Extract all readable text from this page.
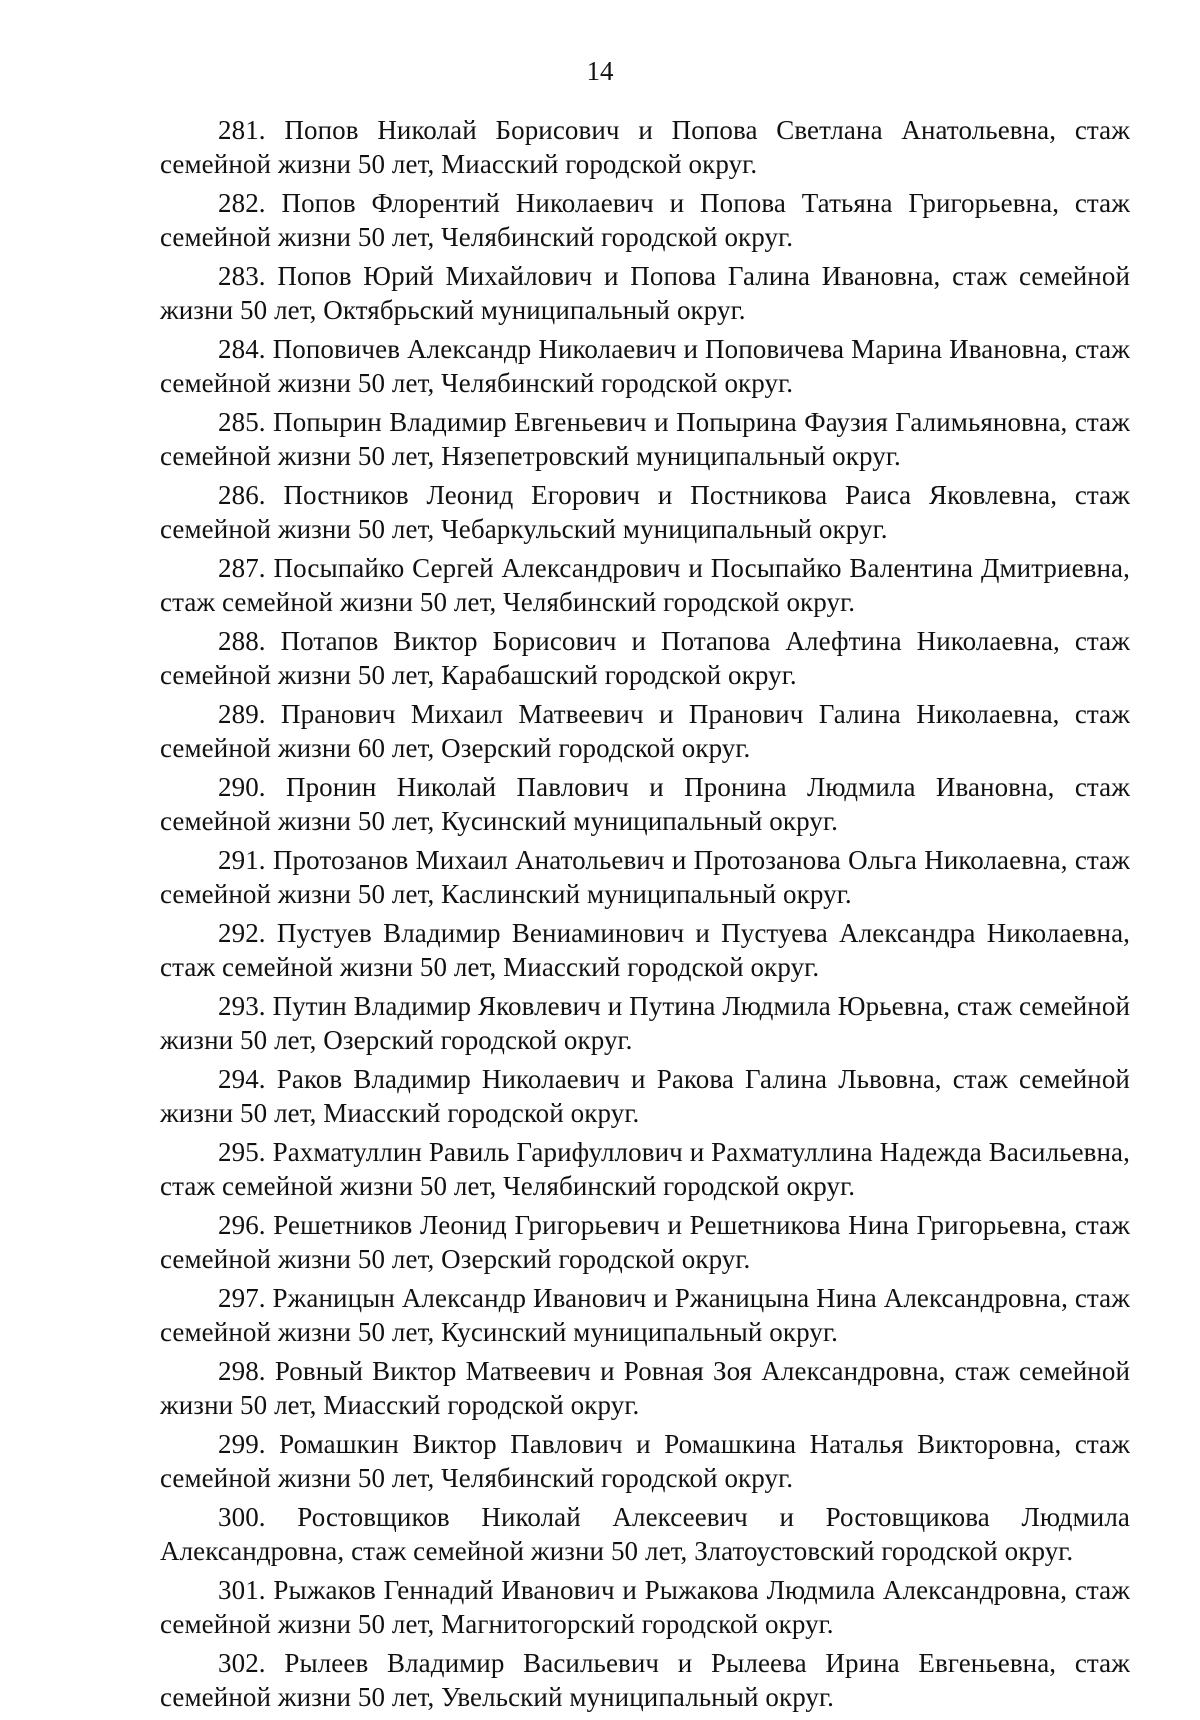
14

281. Попов Николай Борисович и Попова Светлана Анатольевна, стаж семейной жизни 50 лет, Миасский городской округ.

282. Попов Флорентий Николаевич и Попова Татьяна Григорьевна, стаж семейной жизни 50 лет, Челябинский городской округ.

283. Попов Юрий Михайлович и Попова Галина Ивановна, стаж семейной жизни 50 лет, Октябрьский муниципальный округ.

284. Поповичев Александр Николаевич и Поповичева Марина Ивановна, стаж семейной жизни 50 лет, Челябинский городской округ.

285. Попырин Владимир Евгеньевич и Попырина Фаузия Галимьяновна, стаж семейной жизни 50 лет, Нязепетровский муниципальный округ.

286. Постников Леонид Егорович и Постникова Раиса Яковлевна, стаж семейной жизни 50 лет, Чебаркульский муниципальный округ.

287. Посыпайко Сергей Александрович и Посыпайко Валентина Дмитриевна, стаж семейной жизни 50 лет, Челябинский городской округ.

288. Потапов Виктор Борисович и Потапова Алефтина Николаевна, стаж семейной жизни 50 лет, Карабашский городской округ.

289. Пранович Михаил Матвеевич и Пранович Галина Николаевна, стаж семейной жизни 60 лет, Озерский городской округ.

290. Пронин Николай Павлович и Пронина Людмила Ивановна, стаж семейной жизни 50 лет, Кусинский муниципальный округ.

291. Протозанов Михаил Анатольевич и Протозанова Ольга Николаевна, стаж семейной жизни 50 лет, Каслинский муниципальный округ.

292. Пустуев Владимир Вениаминович и Пустуева Александра Николаевна, стаж семейной жизни 50 лет, Миасский городской округ.

293. Путин Владимир Яковлевич и Путина Людмила Юрьевна, стаж семейной жизни 50 лет, Озерский городской округ.

294. Раков Владимир Николаевич и Ракова Галина Львовна, стаж семейной жизни 50 лет, Миасский городской округ.

295. Рахматуллин Равиль Гарифуллович и Рахматуллина Надежда Васильевна, стаж семейной жизни 50 лет, Челябинский городской округ.

296. Решетников Леонид Григорьевич и Решетникова Нина Григорьевна, стаж семейной жизни 50 лет, Озерский городской округ.

297. Ржаницын Александр Иванович и Ржаницына Нина Александровна, стаж семейной жизни 50 лет, Кусинский муниципальный округ.

298. Ровный Виктор Матвеевич и Ровная Зоя Александровна, стаж семейной жизни 50 лет, Миасский городской округ.

299. Ромашкин Виктор Павлович и Ромашкина Наталья Викторовна, стаж семейной жизни 50 лет, Челябинский городской округ.

300. Ростовщиков Николай Алексеевич и Ростовщикова Людмила Александровна, стаж семейной жизни 50 лет, Златоустовский городской округ.

301. Рыжаков Геннадий Иванович и Рыжакова Людмила Александровна, стаж семейной жизни 50 лет, Магнитогорский городской округ.

302. Рылеев Владимир Васильевич и Рылеева Ирина Евгеньевна, стаж семейной жизни 50 лет, Увельский муниципальный округ.
